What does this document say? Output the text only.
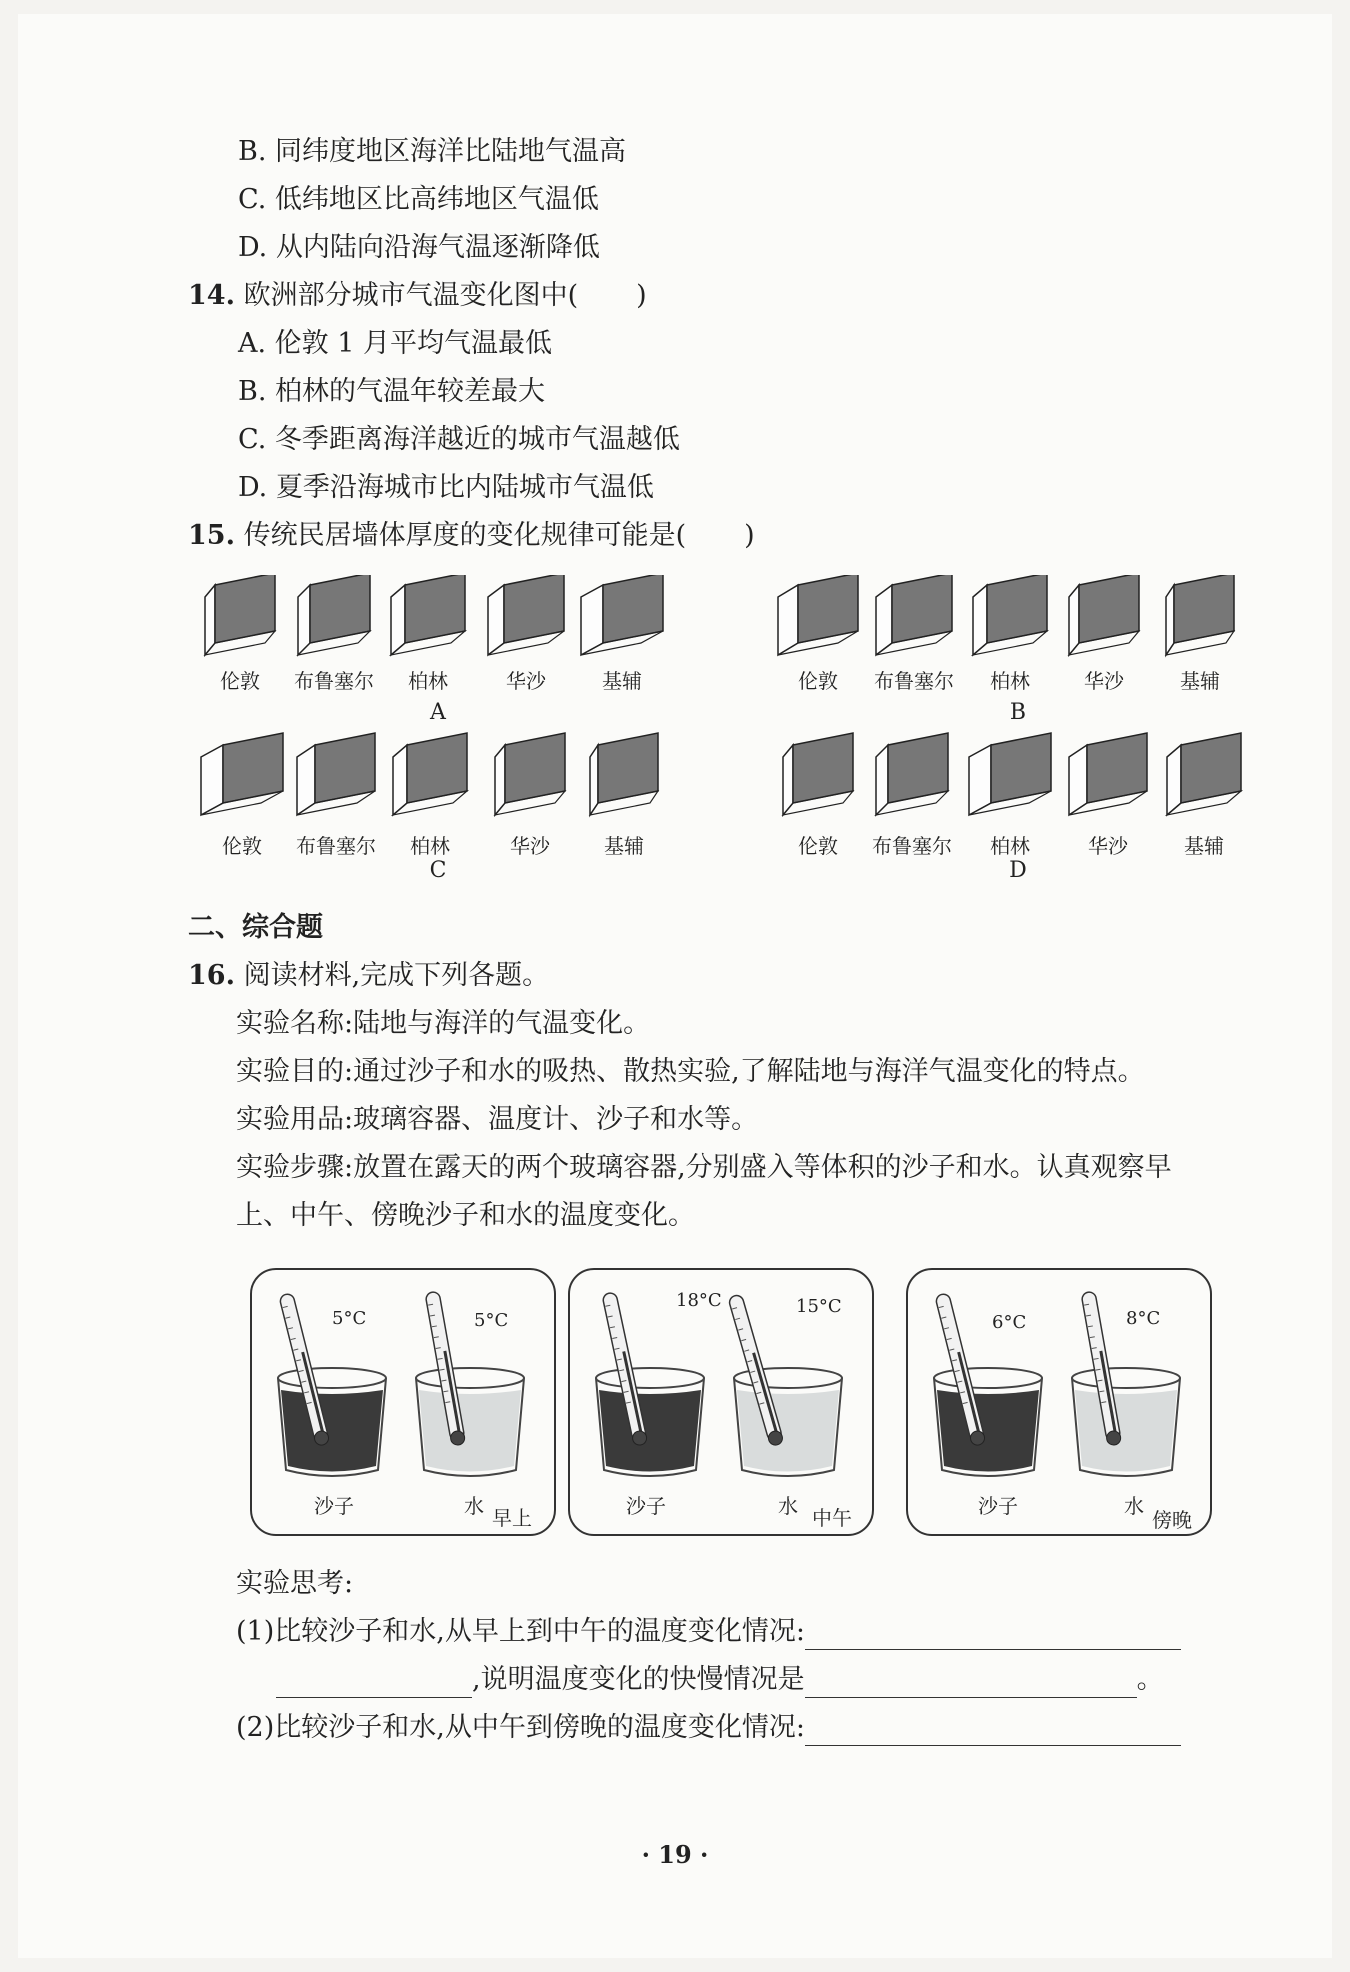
B. 同纬度地区海洋比陆地气温高
C. 低纬地区比高纬地区气温低
D. 从内陆向沿海气温逐渐降低
14. 欧洲部分城市气温变化图中( )
A. 伦敦 1 月平均气温最低
B. 柏林的气温年较差最大
C. 冬季距离海洋越近的城市气温越低
D. 夏季沿海城市比内陆城市气温低
15. 传统民居墙体厚度的变化规律可能是( )
伦敦 布鲁塞尔 柏林	华沙	基辅
A
伦敦 布鲁塞尔 柏林	华沙	基辅
B
伦敦 布鲁塞尔 柏林	华沙	基辅
C
伦敦 布鲁塞尔 柏林	华沙	基辅
D
二、综合题
16. 阅读材料,完成下列各题。
实验名称:陆地与海洋的气温变化。
实验目的:通过沙子和水的吸热、散热实验,了解陆地与海洋气温变化的特点。
实验用品:玻璃容器、温度计、沙子和水等。
实验步骤:放置在露天的两个玻璃容器,分别盛入等体积的沙子和水。认真观察早
上、中午、傍晚沙子和水的温度变化。
5°C	5°C
沙子	水 早上
18°C	15°C
沙子	水 中午
6°C	8°C
沙子	水
傍晚
实验思考:
(1)比较沙子和水,从早上到中午的温度变化情况:
,说明温度变化的快慢情况是	。
(2)比较沙子和水,从中午到傍晚的温度变化情况:
· 19 ·
